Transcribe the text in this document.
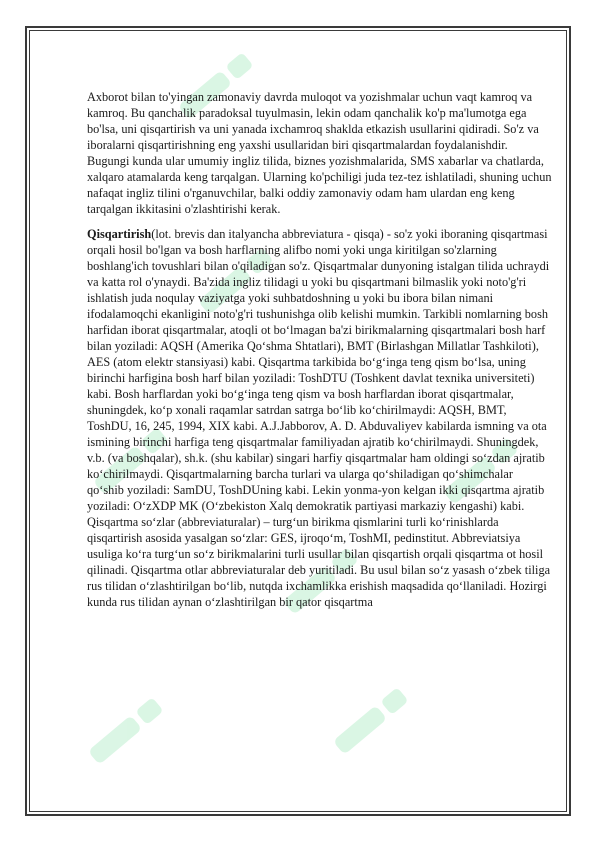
Axborot bilan to'yingan zamonaviy davrda muloqot va yozishmalar uchun vaqt kamroq va kamroq. Bu qanchalik paradoksal tuyulmasin, lekin odam qanchalik ko'p ma'lumotga ega bo'lsa, uni qisqartirish va uni yanada ixchamroq shaklda etkazish usullarini qidiradi. So'z va iboralarni qisqartirishning eng yaxshi usullaridan biri qisqartmalardan foydalanishdir. Bugungi kunda ular umumiy ingliz tilida, biznes yozishmalarida, SMS xabarlar va chatlarda, xalqaro atamalarda keng tarqalgan. Ularning ko'pchiligi juda tez-tez ishlatiladi, shuning uchun nafaqat ingliz tilini o'rganuvchilar, balki oddiy zamonaviy odam ham ulardan eng keng tarqalgan ikkitasini o'zlashtirishi kerak.

Qisqartirish(lot. brevis dan italyancha abbreviatura - qisqa) - so'z yoki iboraning qisqartmasi orqali hosil bo'lgan va bosh harflarning alifbo nomi yoki unga kiritilgan so'zlarning boshlang'ich tovushlari bilan o'qiladigan so'z. Qisqartmalar dunyoning istalgan tilida uchraydi va katta rol o'ynaydi. Ba'zida ingliz tilidagi u yoki bu qisqartmani bilmaslik yoki noto'g'ri ishlatish juda noqulay vaziyatga yoki suhbatdoshning u yoki bu ibora bilan nimani ifodalamoqchi ekanligini noto'g'ri tushunishga olib kelishi mumkin. Tarkibli nomlarning bosh harfidan iborat qisqartmalar, atoqli ot bo‘lmagan ba'zi birikmalarning qisqartmalari bosh harf bilan yoziladi: AQSH (Amerika Qo‘shma Shtatlari), BMT (Birlashgan Millatlar Tashkiloti), AES (atom elektr stansiyasi) kabi. Qisqartma tarkibida bo‘g‘inga teng qism bo‘lsa, uning birinchi harfigina bosh harf bilan yoziladi: ToshDTU (Toshkent davlat texnika universiteti) kabi. Bosh harflardan yoki bo‘g‘inga teng qism va bosh harflardan iborat qisqartmalar, shuningdek, ko‘p xonali raqamlar satrdan satrga bo‘lib ko‘chirilmaydi: AQSH, BMT, ToshDU, 16, 245, 1994, XIX kabi. A.J.Jabborov, A. D. Abduvaliyev kabilarda ismning va ota ismining birinchi harfiga teng qisqartmalar familiyadan ajratib ko‘chirilmaydi. Shuningdek, v.b. (va boshqalar), sh.k. (shu kabilar) singari harfiy qisqartmalar ham oldingi so‘zdan ajratib ko‘chirilmaydi. Qisqartmalarning barcha turlari va ularga qo‘shiladigan qo‘shimchalar qo‘shib yoziladi: SamDU, ToshDUning kabi. Lekin yonma-yon kelgan ikki qisqartma ajratib yoziladi: O‘zXDP MK (O‘zbekiston Xalq demokratik partiyasi markaziy kengashi) kabi. Qisqartma so‘zlar (abbreviaturalar) – turg‘un birikma qismlarini turli ko‘rinishlarda qisqartirish asosida yasalgan so‘zlar: GES, ijroqo‘m, ToshMI, pedinstitut. Abbreviatsiya usuliga ko‘ra turg‘un so‘z birikmalarini turli usullar bilan qisqartish orqali qisqartma ot hosil qilinadi. Qisqartma otlar abbreviaturalar deb yuritiladi. Bu usul bilan so‘z yasash o‘zbek tiliga rus tilidan o‘zlashtirilgan bo‘lib, nutqda ixchamlikka erishish maqsadida qo‘llaniladi. Hozirgi kunda rus tilidan aynan o‘zlashtirilgan bir qator qisqartma
